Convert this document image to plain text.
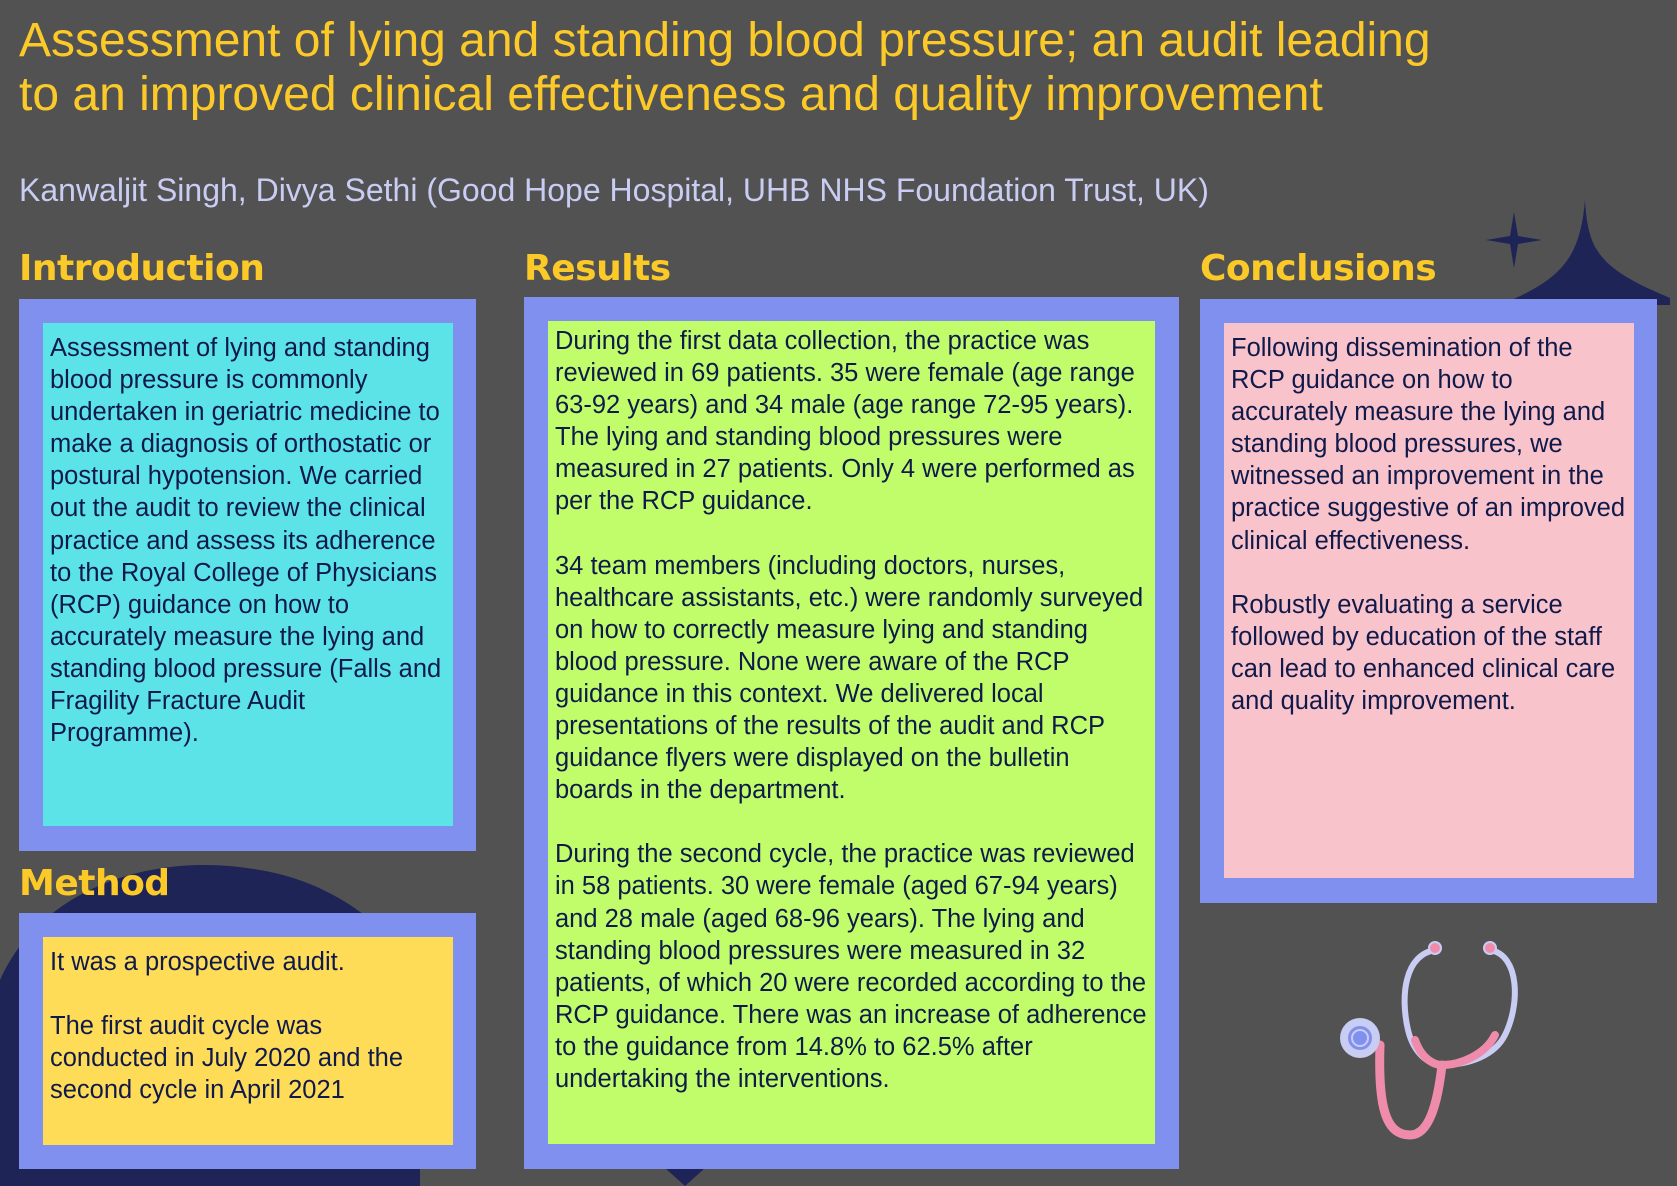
Assessment of lying and standing blood pressure; an audit leading
to an improved clinical effectiveness and quality improvement

Kanwaljit Singh, Divya Sethi (Good Hope Hospital, UHB NHS Foundation Trust, UK)

Introduction

Assessment of lying and standing blood pressure is commonly undertaken in geriatric medicine to make a diagnosis of orthostatic or postural hypotension. We carried out the audit to review the clinical practice and assess its adherence to the Royal College of Physicians (RCP) guidance on how to accurately measure the lying and standing blood pressure (Falls and Fragility Fracture Audit Programme).

Method

It was a prospective audit.

The first audit cycle was conducted in July 2020 and the second cycle in April 2021

Results

During the first data collection, the practice was reviewed in 69 patients. 35 were female (age range 63-92 years) and 34 male (age range 72-95 years). The lying and standing blood pressures were measured in 27 patients. Only 4 were performed as per the RCP guidance.

34 team members (including doctors, nurses, healthcare assistants, etc.) were randomly surveyed on how to correctly measure lying and standing blood pressure. None were aware of the RCP guidance in this context. We delivered local presentations of the results of the audit and RCP guidance flyers were displayed on the bulletin boards in the department.

During the second cycle, the practice was reviewed in 58 patients. 30 were female (aged 67-94 years) and 28 male (aged 68-96 years). The lying and standing blood pressures were measured in 32 patients, of which 20 were recorded according to the RCP guidance. There was an increase of adherence to the guidance from 14.8% to 62.5% after undertaking the interventions.

Conclusions

Following dissemination of the RCP guidance on how to accurately measure the lying and standing blood pressures, we witnessed an improvement in the practice suggestive of an improved clinical effectiveness.

Robustly evaluating a service followed by education of the staff can lead to enhanced clinical care and quality improvement.
